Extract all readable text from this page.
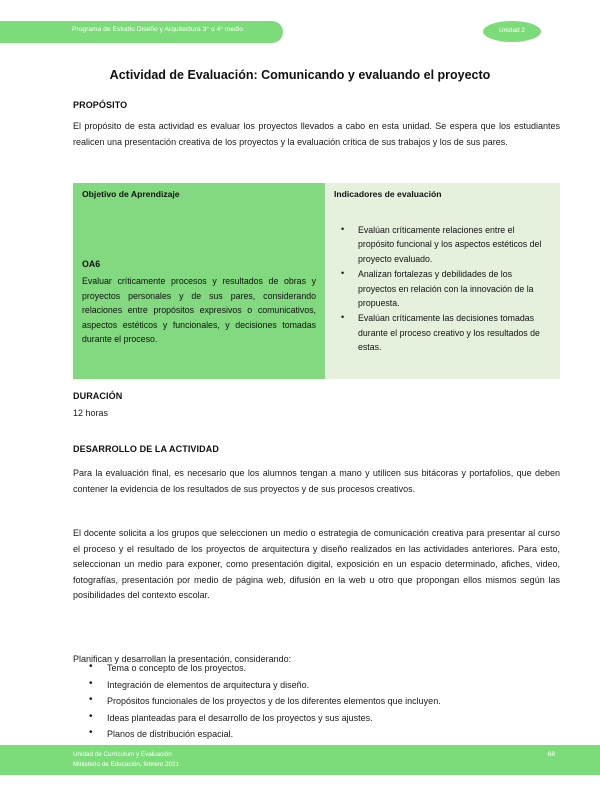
Programa de Estudio Diseño y Arquitectura 3° o 4° medio	Unidad 2
Actividad de Evaluación: Comunicando y evaluando el proyecto
PROPÓSITO
El propósito de esta actividad es evaluar los proyectos llevados a cabo en esta unidad. Se espera que los estudiantes realicen una presentación creativa de los proyectos y la evaluación crítica de sus trabajos y los de sus pares.
Objetivo de Aprendizaje
OA6
Evaluar críticamente procesos y resultados de obras y proyectos personales y de sus pares, considerando relaciones entre propósitos expresivos o comunicativos, aspectos estéticos y funcionales, y decisiones tomadas durante el proceso.
Indicadores de evaluación
• Evalúan críticamente relaciones entre el propósito funcional y los aspectos estéticos del proyecto evaluado.
• Analizan fortalezas y debilidades de los proyectos en relación con la innovación de la propuesta.
• Evalúan críticamente las decisiones tomadas durante el proceso creativo y los resultados de estas.
DURACIÓN
12 horas
DESARROLLO DE LA ACTIVIDAD
Para la evaluación final, es necesario que los alumnos tengan a mano y utilicen sus bitácoras y portafolios, que deben contener la evidencia de los resultados de sus proyectos y de sus procesos creativos.
El docente solicita a los grupos que seleccionen un medio o estrategia de comunicación creativa para presentar al curso el proceso y el resultado de los proyectos de arquitectura y diseño realizados en las actividades anteriores. Para esto, seleccionan un medio para exponer, como presentación digital, exposición en un espacio determinado, afiches, video, fotografías, presentación por medio de página web, difusión en la web u otro que propongan ellos mismos según las posibilidades del contexto escolar.
Planifican y desarrollan la presentación, considerando:
• Tema o concepto de los proyectos.
• Integración de elementos de arquitectura y diseño.
• Propósitos funcionales de los proyectos y de los diferentes elementos que incluyen.
• Ideas planteadas para el desarrollo de los proyectos y sus ajustes.
• Planos de distribución espacial.
Unidad de Currículum y Evaluación
Ministerio de Educación, febrero 2021
68
